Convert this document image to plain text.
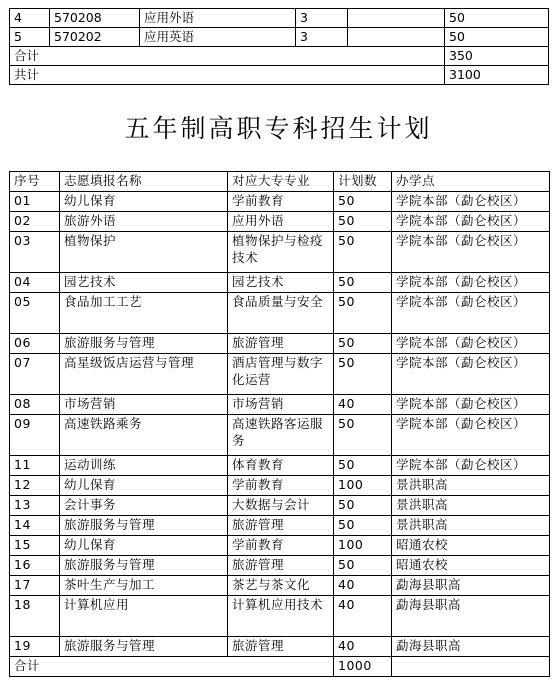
4	570208	应用外语	3		50
5	570202	应用英语	3		50
合计					350
共计					3100
五年制高职专科招生计划
序号	志愿填报名称	对应大专专业	计划数	办学点
01	幼儿保育	学前教育	50	学院本部（勐仑校区）
02	旅游外语	应用外语	50	学院本部（勐仑校区）
03	植物保护	植物保护与检疫技术	50	学院本部（勐仑校区）
04	园艺技术	园艺技术	50	学院本部（勐仑校区）
05	食品加工工艺	食品质量与安全	50	学院本部（勐仑校区）
06	旅游服务与管理	旅游管理	50	学院本部（勐仑校区）
07	高星级饭店运营与管理	酒店管理与数字化运营	50	学院本部（勐仑校区）
08	市场营销	市场营销	40	学院本部（勐仑校区）
09	高速铁路乘务	高速铁路客运服务	50	学院本部（勐仑校区）
11	运动训练	体育教育	50	学院本部（勐仑校区）
12	幼儿保育	学前教育	100	景洪职高
13	会计事务	大数据与会计	50	景洪职高
14	旅游服务与管理	旅游管理	50	景洪职高
15	幼儿保育	学前教育	100	昭通农校
16	旅游服务与管理	旅游管理	50	昭通农校
17	茶叶生产与加工	茶艺与茶文化	40	勐海县职高
18	计算机应用	计算机应用技术	40	勐海县职高
19	旅游服务与管理	旅游管理	40	勐海县职高
合计			1000	
